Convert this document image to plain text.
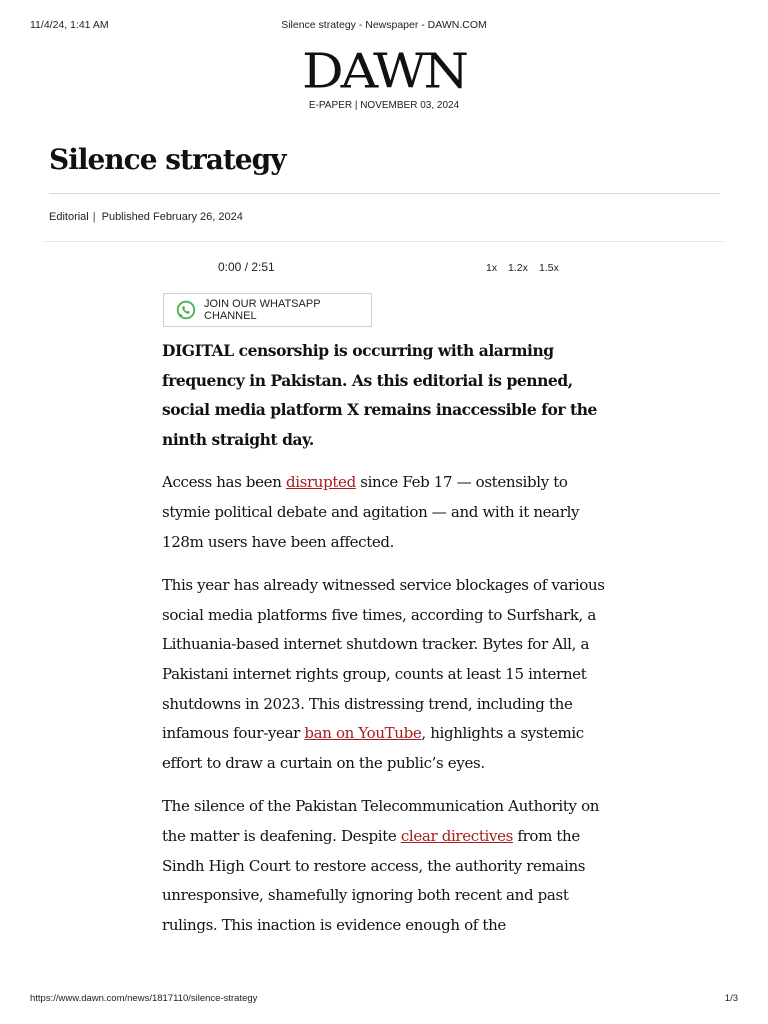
11/4/24, 1:41 AM	Silence strategy - Newspaper - DAWN.COM
DAWN
E-PAPER | NOVEMBER 03, 2024
Silence strategy
Editorial | Published February 26, 2024
0:00 / 2:51	1x 1.2x 1.5x
JOIN OUR WHATSAPP CHANNEL

DIGITAL censorship is occurring with alarming frequency in Pakistan. As this editorial is penned, social media platform X remains inaccessible for the ninth straight day.

Access has been disrupted since Feb 17 — ostensibly to stymie political debate and agitation — and with it nearly 128m users have been affected.

This year has already witnessed service blockages of various social media platforms five times, according to Surfshark, a Lithuania-based internet shutdown tracker. Bytes for All, a Pakistani internet rights group, counts at least 15 internet shutdowns in 2023. This distressing trend, including the infamous four-year ban on YouTube, highlights a systemic effort to draw a curtain on the public’s eyes.

The silence of the Pakistan Telecommunication Authority on the matter is deafening. Despite clear directives from the Sindh High Court to restore access, the authority remains unresponsive, shamefully ignoring both recent and past rulings. This inaction is evidence enough of the

https://www.dawn.com/news/1817110/silence-strategy	1/3
